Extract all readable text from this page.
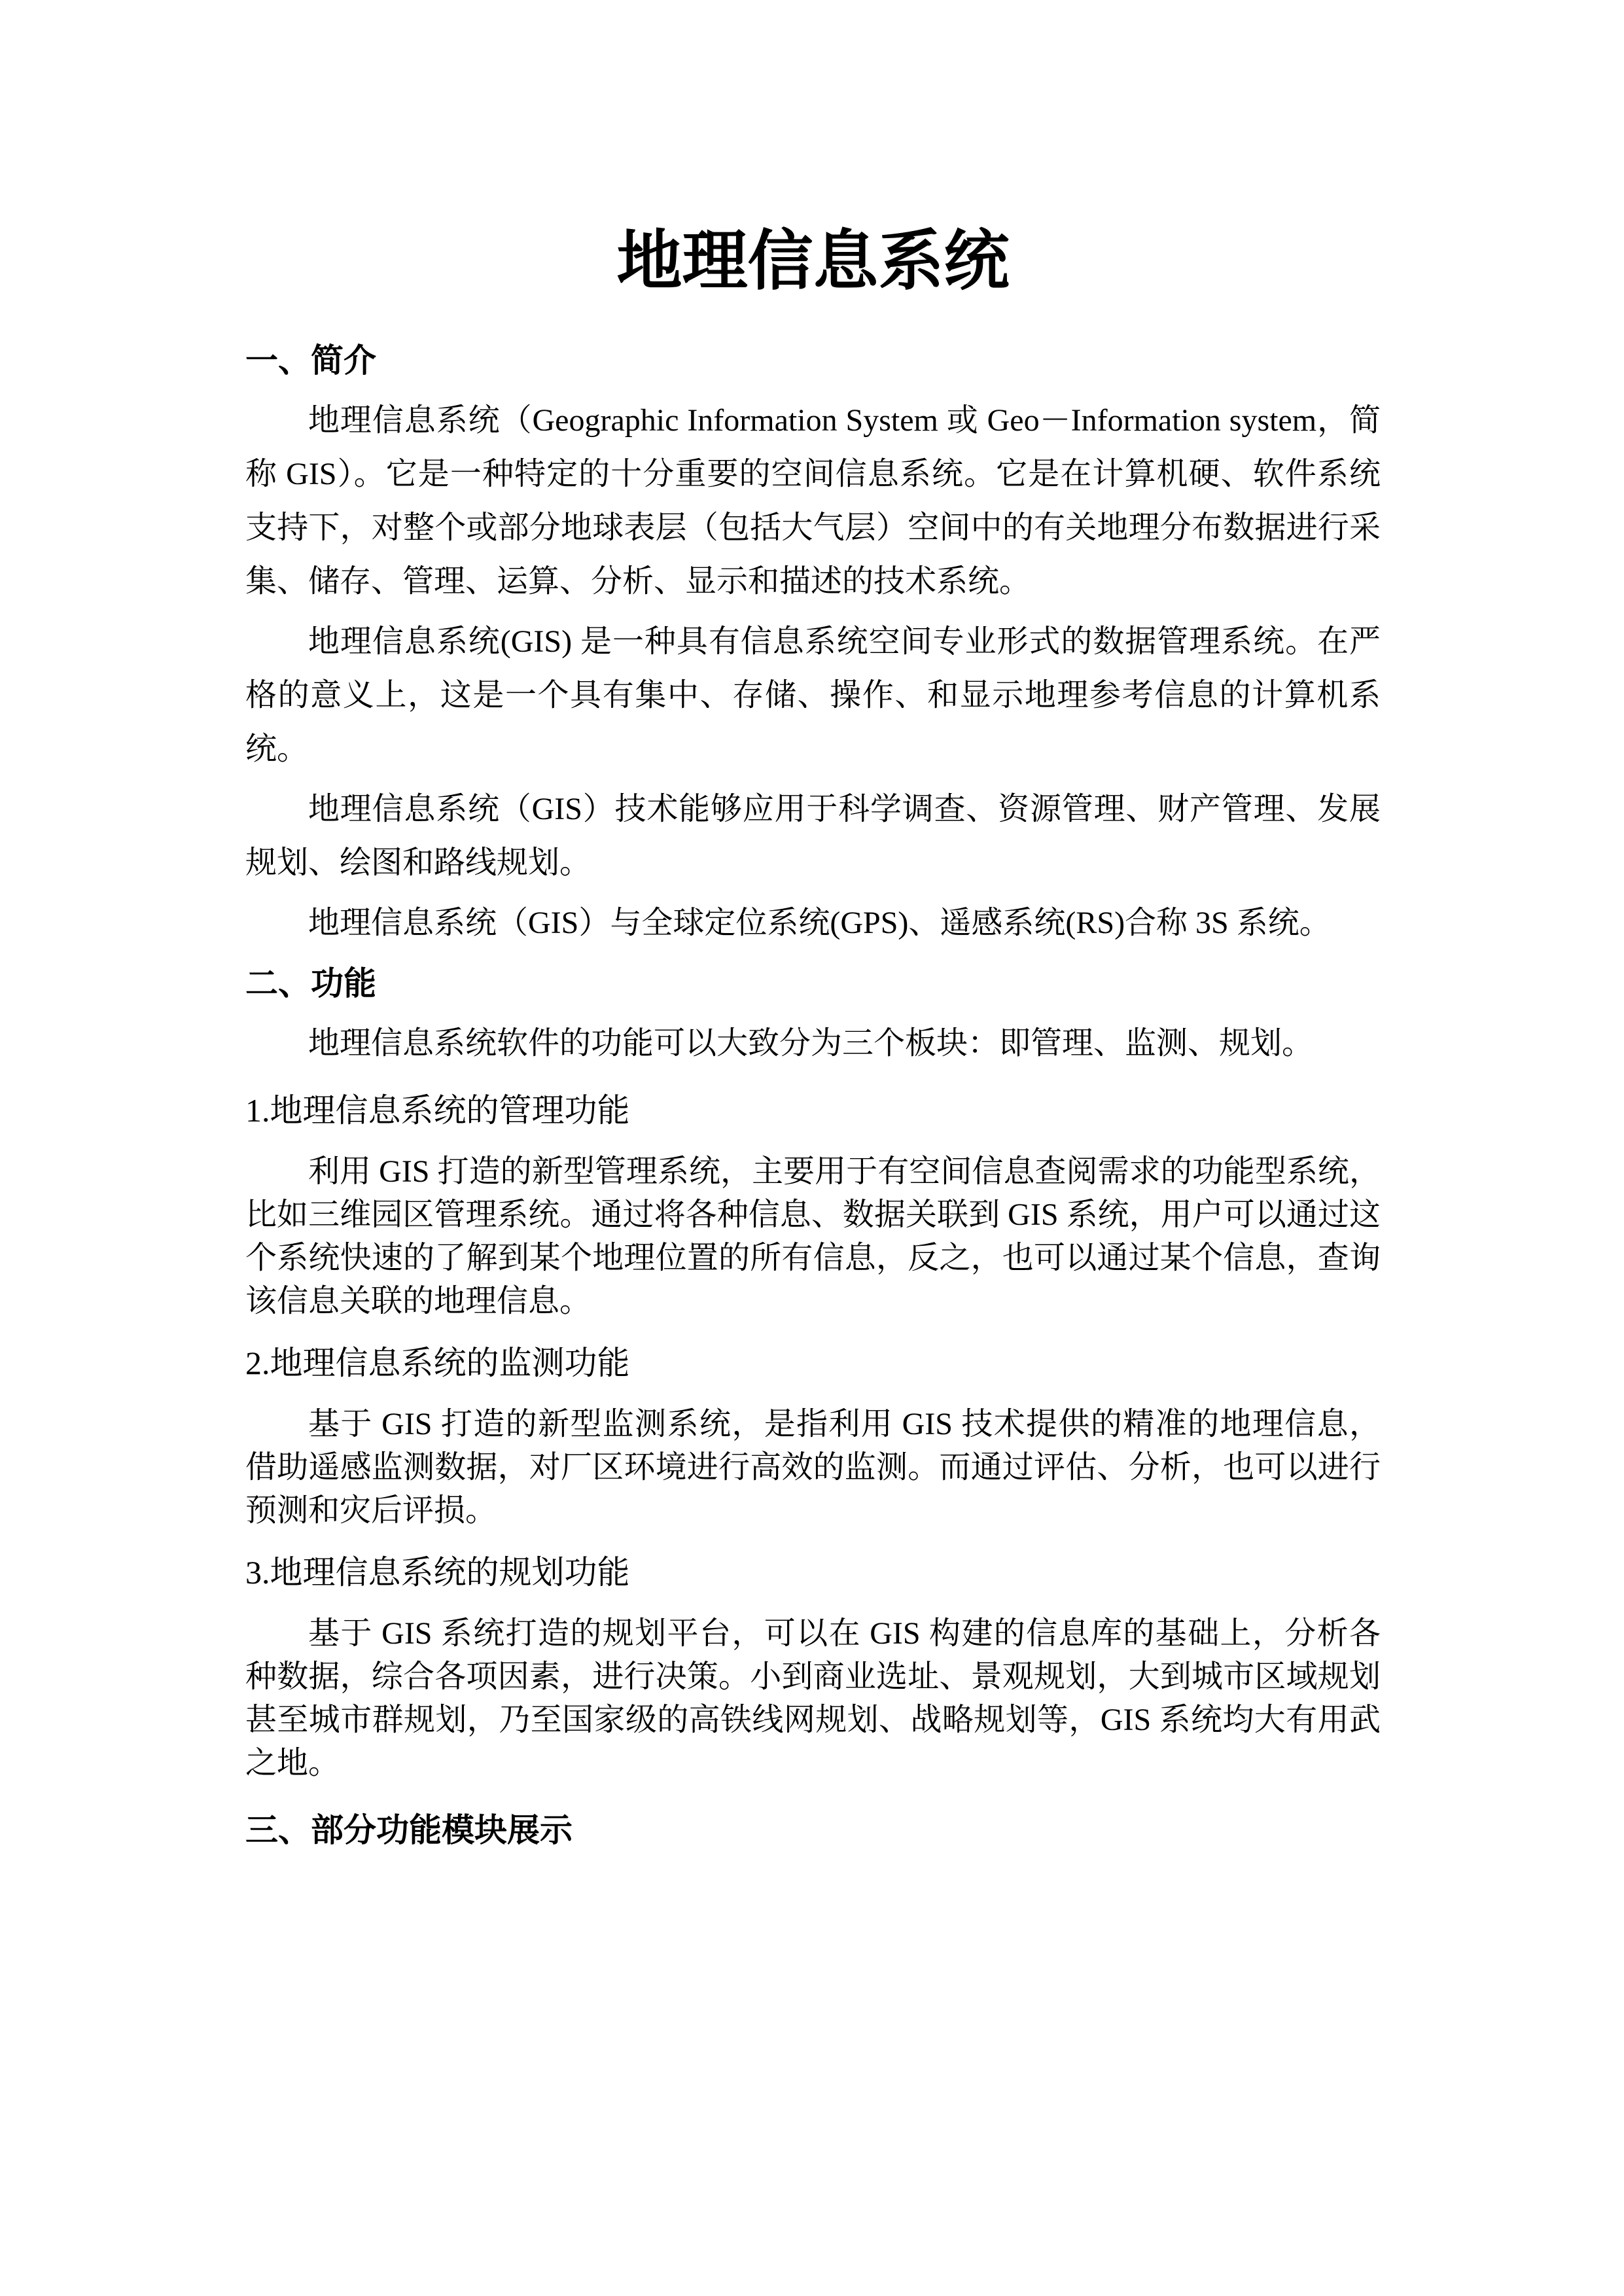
地理信息系统
一、简介

地理信息系统（Geographic Information System 或 Geo－Information system，简称 GIS）。它是一种特定的十分重要的空间信息系统。它是在计算机硬、软件系统支持下，对整个或部分地球表层（包括大气层）空间中的有关地理分布数据进行采集、储存、管理、运算、分析、显示和描述的技术系统。

地理信息系统(GIS) 是一种具有信息系统空间专业形式的数据管理系统。在严格的意义上，这是一个具有集中、存储、操作、和显示地理参考信息的计算机系统。

地理信息系统（GIS）技术能够应用于科学调查、资源管理、财产管理、发展规划、绘图和路线规划。

地理信息系统（GIS）与全球定位系统(GPS)、遥感系统(RS)合称 3S 系统。

二、功能

地理信息系统软件的功能可以大致分为三个板块：即管理、监测、规划。

1.地理信息系统的管理功能

利用 GIS 打造的新型管理系统，主要用于有空间信息查阅需求的功能型系统，比如三维园区管理系统。通过将各种信息、数据关联到 GIS 系统，用户可以通过这个系统快速的了解到某个地理位置的所有信息，反之，也可以通过某个信息，查询该信息关联的地理信息。

2.地理信息系统的监测功能

基于 GIS 打造的新型监测系统，是指利用 GIS 技术提供的精准的地理信息，借助遥感监测数据，对厂区环境进行高效的监测。而通过评估、分析，也可以进行预测和灾后评损。

3.地理信息系统的规划功能

基于 GIS 系统打造的规划平台，可以在 GIS 构建的信息库的基础上，分析各种数据，综合各项因素，进行决策。小到商业选址、景观规划，大到城市区域规划甚至城市群规划，乃至国家级的高铁线网规划、战略规划等，GIS 系统均大有用武之地。

三、部分功能模块展示
